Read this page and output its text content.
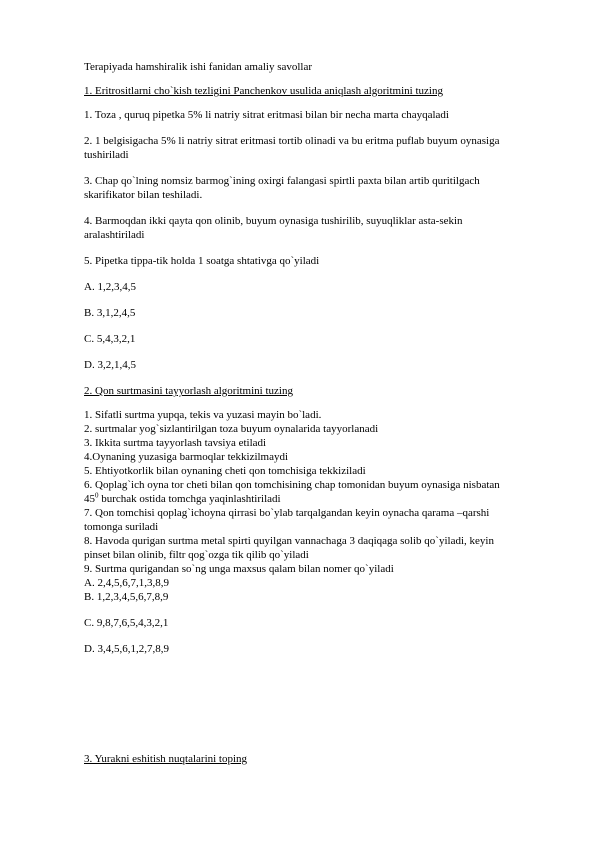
Terapiyada hamshiralik ishi fanidan amaliy savollar
1. Eritrositlarni cho`kish tezligini Panchenkov usulida aniqlash algoritmini tuzing
1. Toza , quruq pipetka 5% li natriy sitrat eritmasi bilan bir necha marta chayqaladi
2. 1 belgisigacha 5% li natriy sitrat eritmasi tortib olinadi va bu eritma puflab buyum oynasiga
tushiriladi
3. Chap qo`lning nomsiz barmog`ining oxirgi falangasi spirtli paxta bilan artib quritilgach
skarifikator bilan teshiladi.
4. Barmoqdan ikki qayta qon olinib, buyum oynasiga tushirilib, suyuqliklar asta-sekin
aralashtiriladi
5. Pipetka tippa-tik holda 1 soatga shtativga qo`yiladi
A. 1,2,3,4,5
B. 3,1,2,4,5
C. 5,4,3,2,1
D. 3,2,1,4,5
2. Qon surtmasini tayyorlash algoritmini tuzing
1. Sifatli surtma yupqa, tekis va yuzasi mayin bo`ladi.
2. surtmalar yog`sizlantirilgan toza buyum oynalarida tayyorlanadi
3. Ikkita surtma tayyorlash tavsiya etiladi
4.Oynaning yuzasiga barmoqlar tekkizilmaydi
5. Ehtiyotkorlik bilan oynaning cheti qon tomchisiga tekkiziladi
6. Qoplag`ich oyna tor cheti bilan qon tomchisining chap tomonidan buyum oynasiga nisbatan
$45^0$ burchak ostida tomchga yaqinlashtiriladi
7. Qon tomchisi qoplag`ichoyna qirrasi bo`ylab tarqalgandan keyin oynacha qarama –qarshi
tomonga suriladi
8. Havoda qurigan surtma metal spirti quyilgan vannachaga 3 daqiqaga solib qo`yiladi, keyin
pinset bilan olinib, filtr qog`ozga tik qilib qo`yiladi
9. Surtma qurigandan so`ng unga maxsus qalam bilan nomer qo`yiladi
A. 2,4,5,6,7,1,3,8,9
B. 1,2,3,4,5,6,7,8,9
C. 9,8,7,6,5,4,3,2,1
D. 3,4,5,6,1,2,7,8,9
3. Yurakni eshitish nuqtalarini toping
